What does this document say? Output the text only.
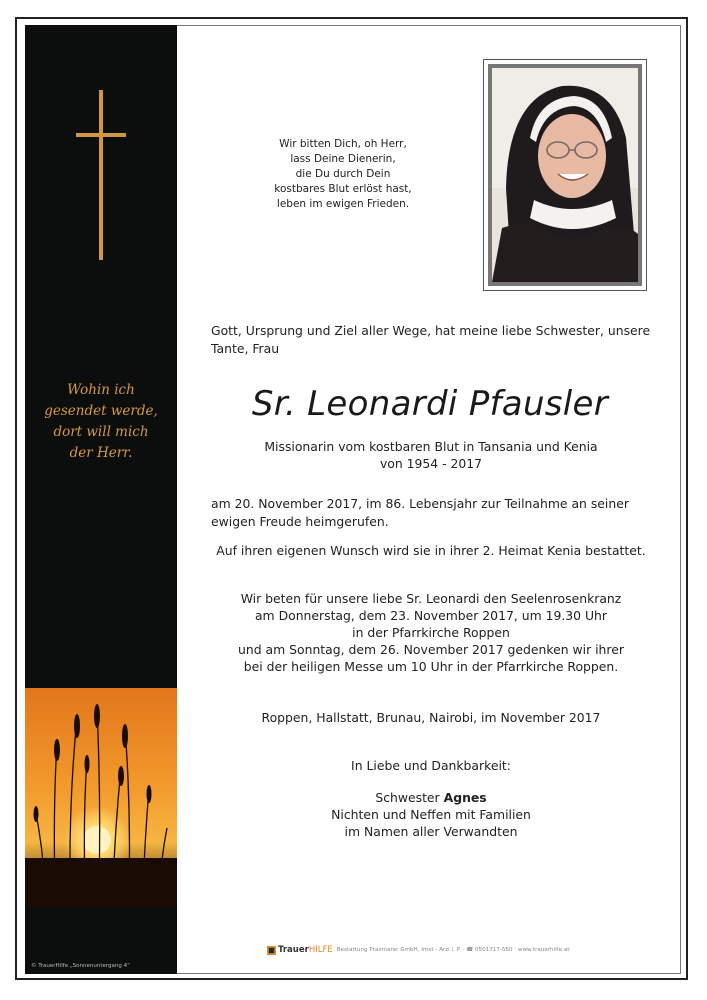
Wohin ich
gesendet werde,
dort will mich
der Herr.
© TrauerHilfe „Sonnenuntergang 4“
Wir bitten Dich, oh Herr,
lass Deine Dienerin,
die Du durch Dein
kostbares Blut erlöst hast,
leben im ewigen Frieden.
Gott, Ursprung und Ziel aller Wege, hat meine liebe Schwester, unsere Tante, Frau
Sr. Leonardi Pfausler
Missionarin vom kostbaren Blut in Tansania und Kenia
von 1954 - 2017
am 20. November 2017, im 86. Lebensjahr zur Teilnahme an seiner ewigen Freude heimgerufen.
Auf ihren eigenen Wunsch wird sie in ihrer 2. Heimat Kenia bestattet.
Wir beten für unsere liebe Sr. Leonardi den Seelenrosenkranz
am Donnerstag, dem 23. November 2017, um 19.30 Uhr
in der Pfarrkirche Roppen
und am Sonntag, dem 26. November 2017 gedenken wir ihrer
bei der heiligen Messe um 10 Uhr in der Pfarrkirche Roppen.
Roppen, Hallstatt, Brunau, Nairobi, im November 2017
In Liebe und Dankbarkeit:
Schwester Agnes
Nichten und Neffen mit Familien
im Namen aller Verwandten
Trauer HILFE Bestattung Praxmarer GmbH, Imst - Arzl i. P. · ☎ 0501717-550 · www.trauerhilfe.at
